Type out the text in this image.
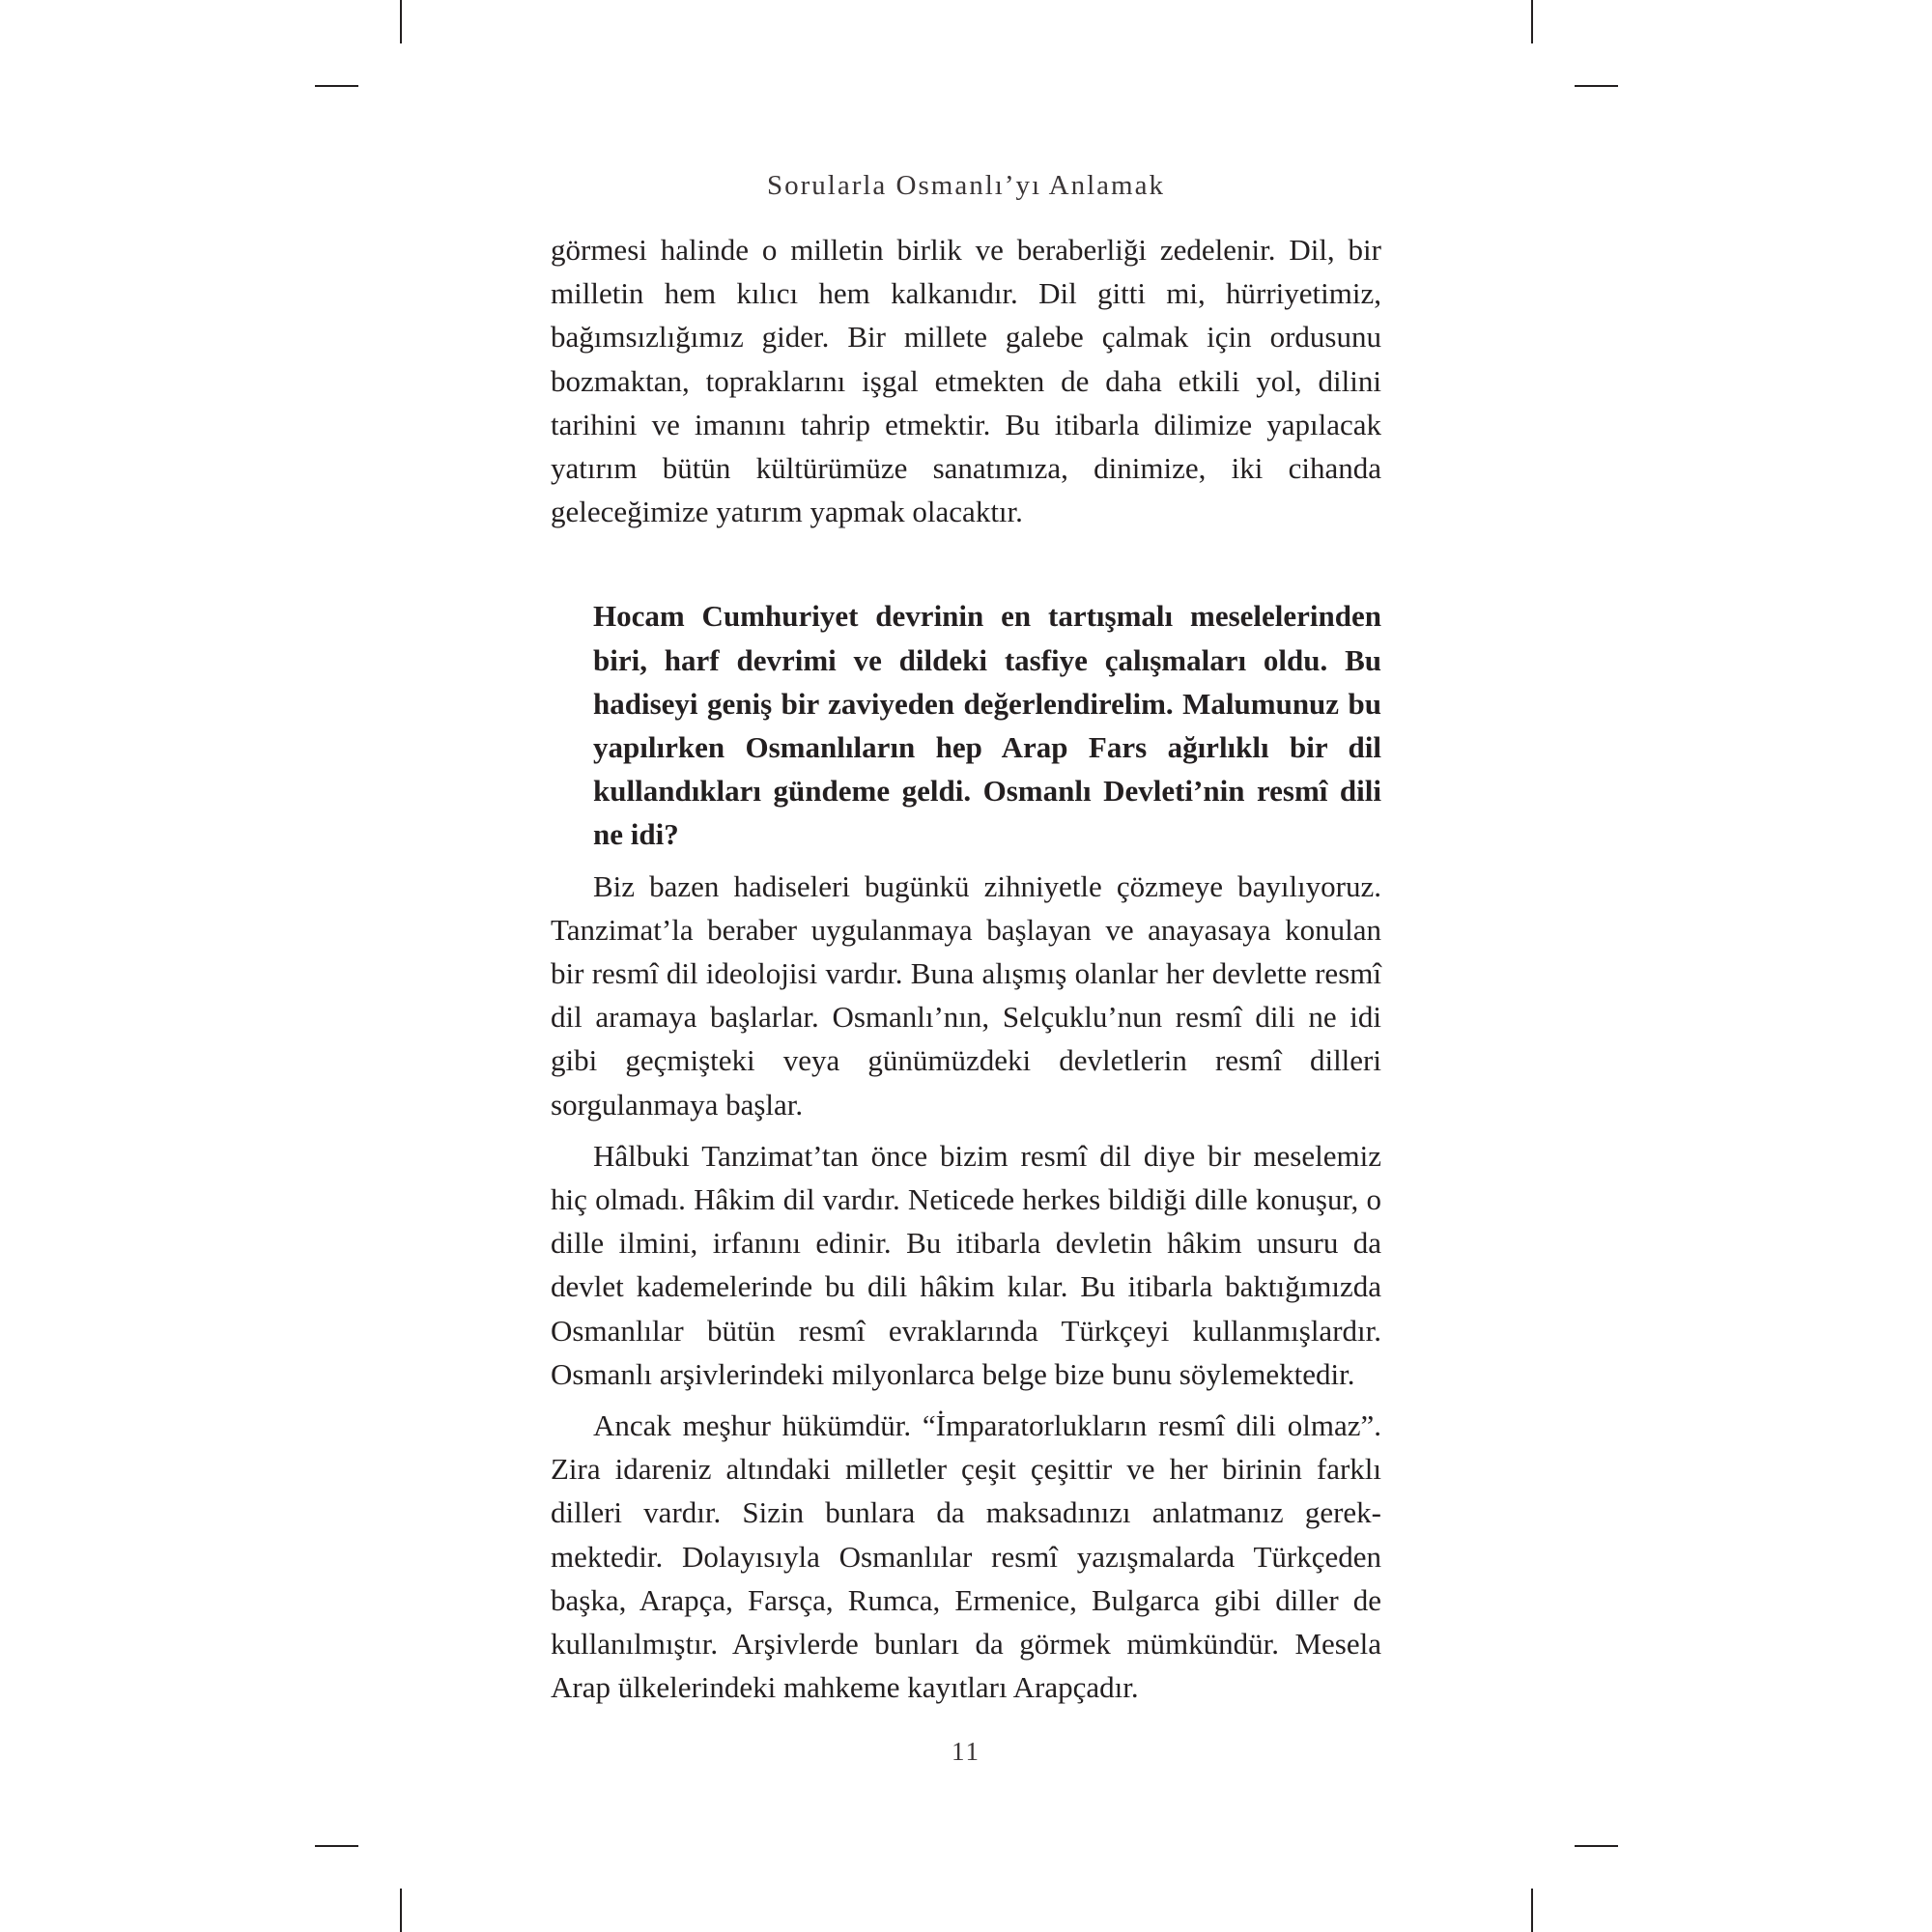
Sorularla Osmanlı’yı Anlamak

görmesi halinde o milletin birlik ve beraberliği zedelenir. Dil, bir milletin hem kılıcı hem kalkanıdır. Dil gitti mi, hürriyetimiz, bağımsızlığımız gider. Bir millete galebe çalmak için ordusunu bozmaktan, topraklarını işgal etmekten de daha etkili yol, dilini tarihini ve imanını tahrip etmektir. Bu itibarla dilimize yapılacak yatırım bütün kültürümüze sanatımıza, dinimize, iki cihanda geleceğimize yatırım yapmak olacaktır.

Hocam Cumhuriyet devrinin en tartışmalı meselelerinden biri, harf devrimi ve dildeki tasfiye çalışmaları oldu. Bu hadiseyi geniş bir zaviyeden değerlendirelim. Malumunuz bu yapılırken Osmanlıların hep Arap Fars ağırlıklı bir dil kullandıkları gündeme geldi. Osmanlı Devleti’nin resmî dili ne idi?

Biz bazen hadiseleri bugünkü zihniyetle çözmeye bayılıyoruz. Tanzimat’la beraber uygulanmaya başlayan ve anayasaya konulan bir resmî dil ideolojisi vardır. Buna alışmış olanlar her devlette resmî dil aramaya başlarlar. Osmanlı’nın, Selçuklu’nun resmî dili ne idi gibi geçmişteki veya günümüzdeki devletlerin resmî dilleri sorgulanmaya başlar.

Hâlbuki Tanzimat’tan önce bizim resmî dil diye bir meselemiz hiç olmadı. Hâkim dil vardır. Neticede herkes bildiği dille konuşur, o dille ilmini, irfanını edinir. Bu itibarla devletin hâkim unsuru da devlet kademelerinde bu dili hâkim kılar. Bu itibarla baktığımızda Osmanlılar bütün resmî evraklarında Türkçeyi kullanmışlardır. Osmanlı arşivlerindeki milyonlarca belge bize bunu söylemektedir.

Ancak meşhur hükümdür. “İmparatorlukların resmî dili olmaz”. Zira idareniz altındaki milletler çeşit çeşittir ve her birinin farklı dilleri vardır. Sizin bunlara da maksadınızı anlatmanız gerekmektedir. Dolayısıyla Osmanlılar resmî yazışmalarda Türkçeden başka, Arapça, Farsça, Rumca, Ermenice, Bulgarca gibi diller de kullanılmıştır. Arşivlerde bunları da görmek mümkündür. Mesela Arap ülkelerindeki mahkeme kayıtları Arapçadır.

11
